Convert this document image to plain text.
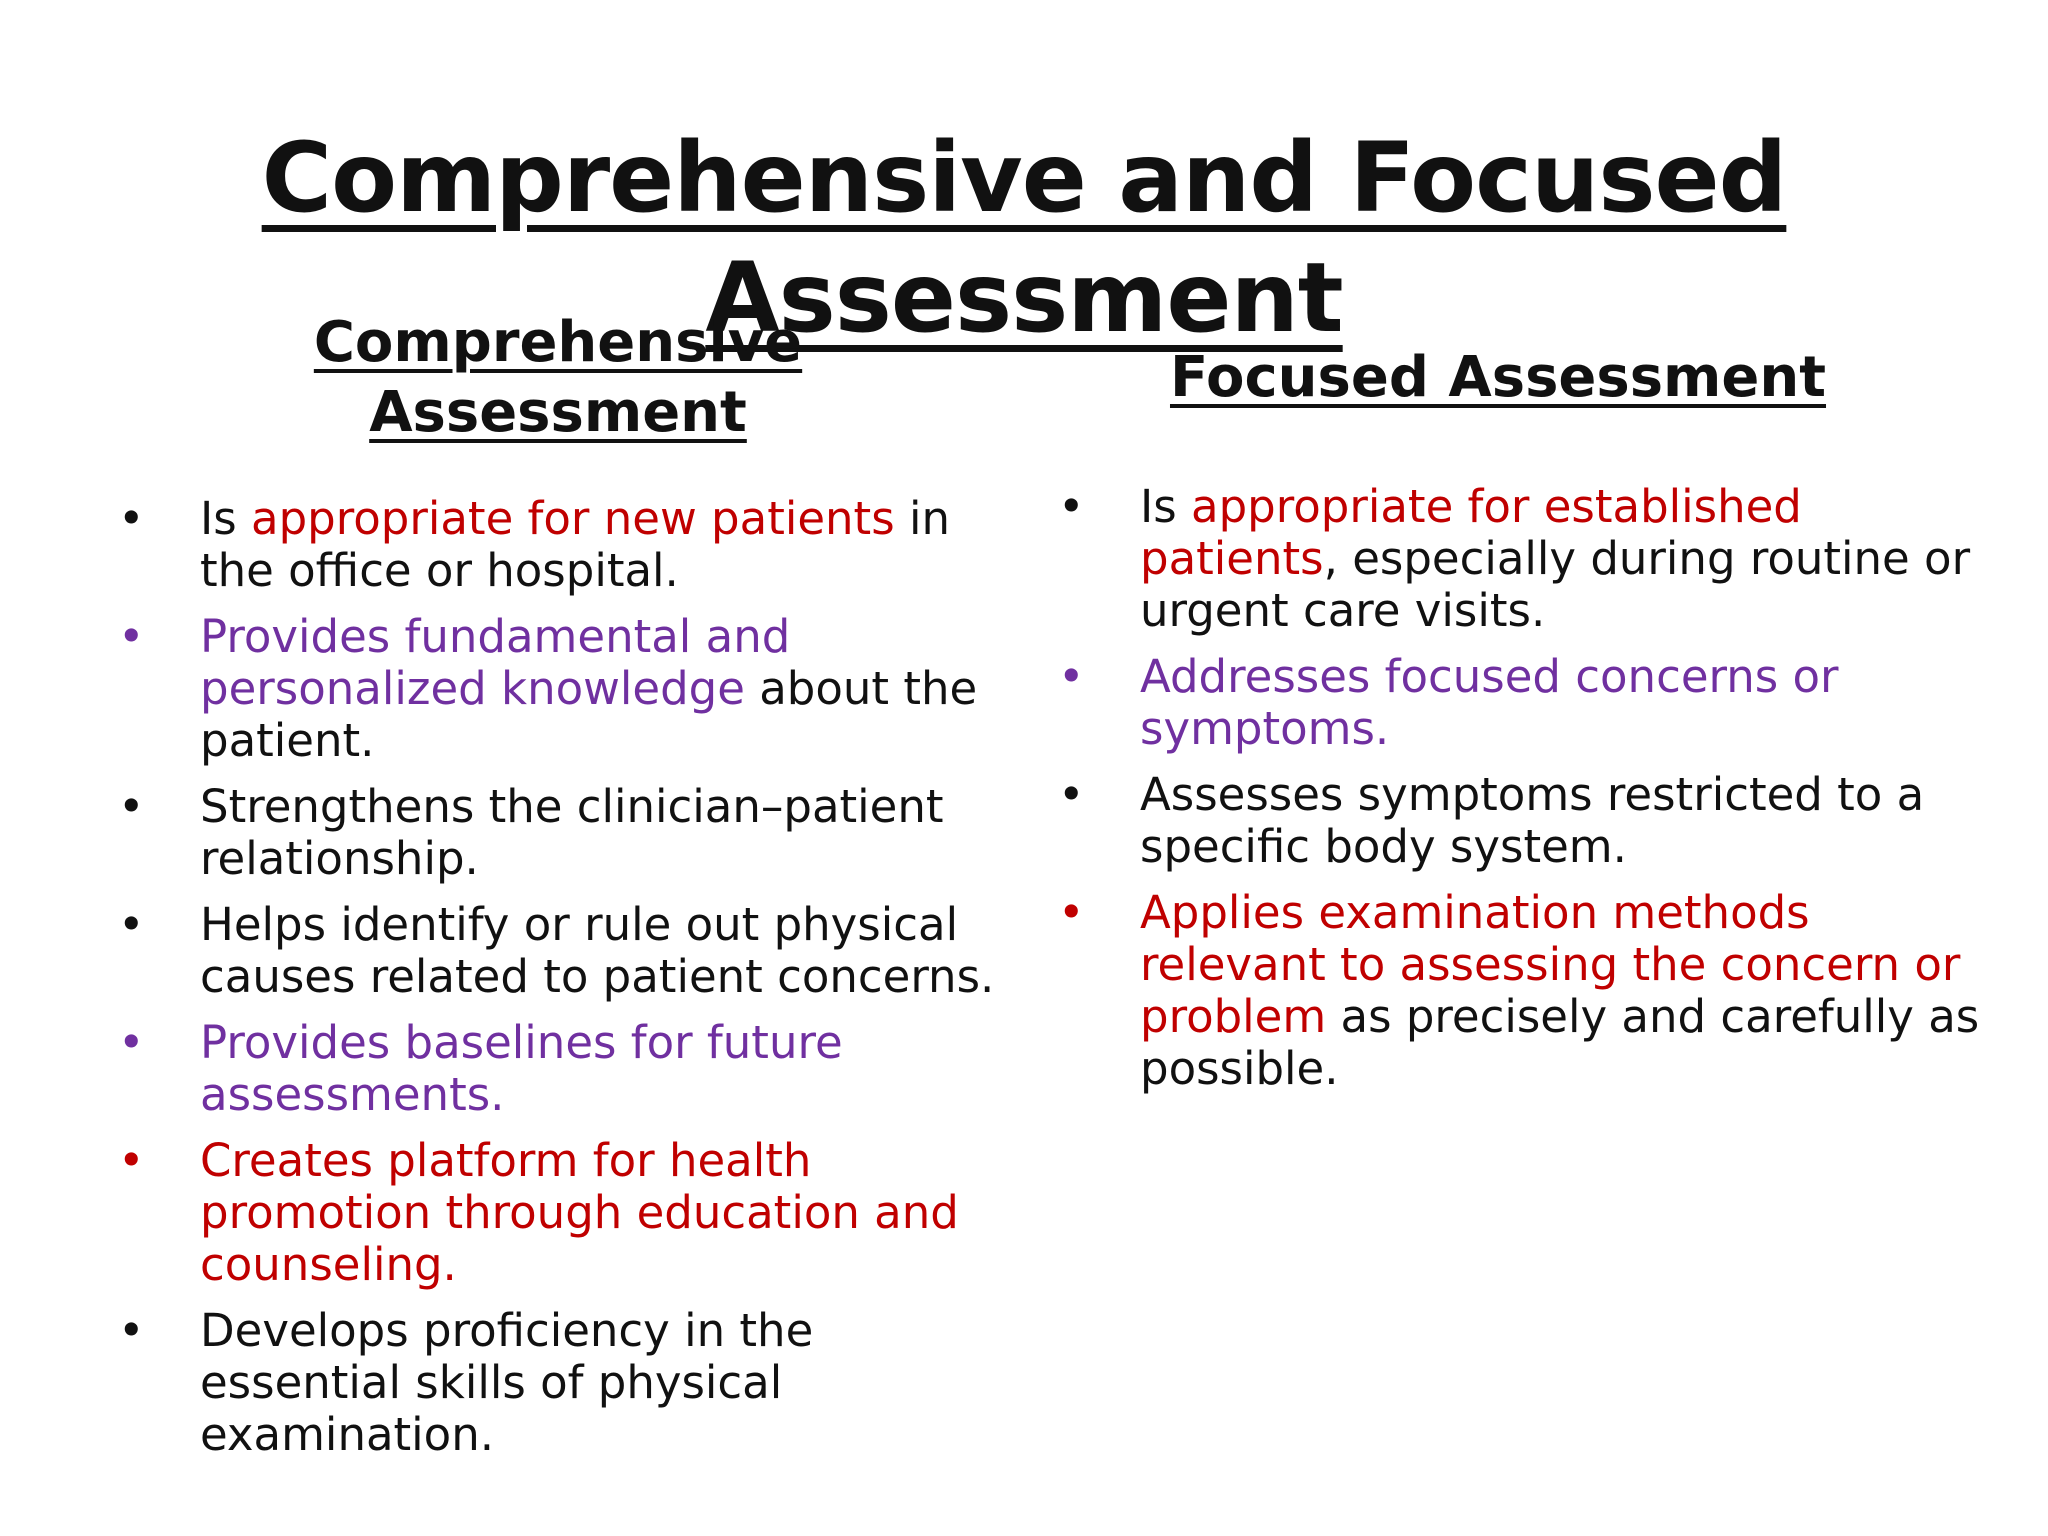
Comprehensive and Focused Assessment
Comprehensive Assessment
• Is appropriate for new patients in the office or hospital.
• Provides fundamental and personalized knowledge about the patient.
• Strengthens the clinician–patient relationship.
• Helps identify or rule out physical causes related to patient concerns.
• Provides baselines for future assessments.
• Creates platform for health promotion through education and counseling.
• Develops proficiency in the essential skills of physical examination.
Focused Assessment
• Is appropriate for established patients, especially during routine or urgent care visits.
• Addresses focused concerns or symptoms.
• Assesses symptoms restricted to a specific body system.
• Applies examination methods relevant to assessing the concern or problem as precisely and carefully as possible.
